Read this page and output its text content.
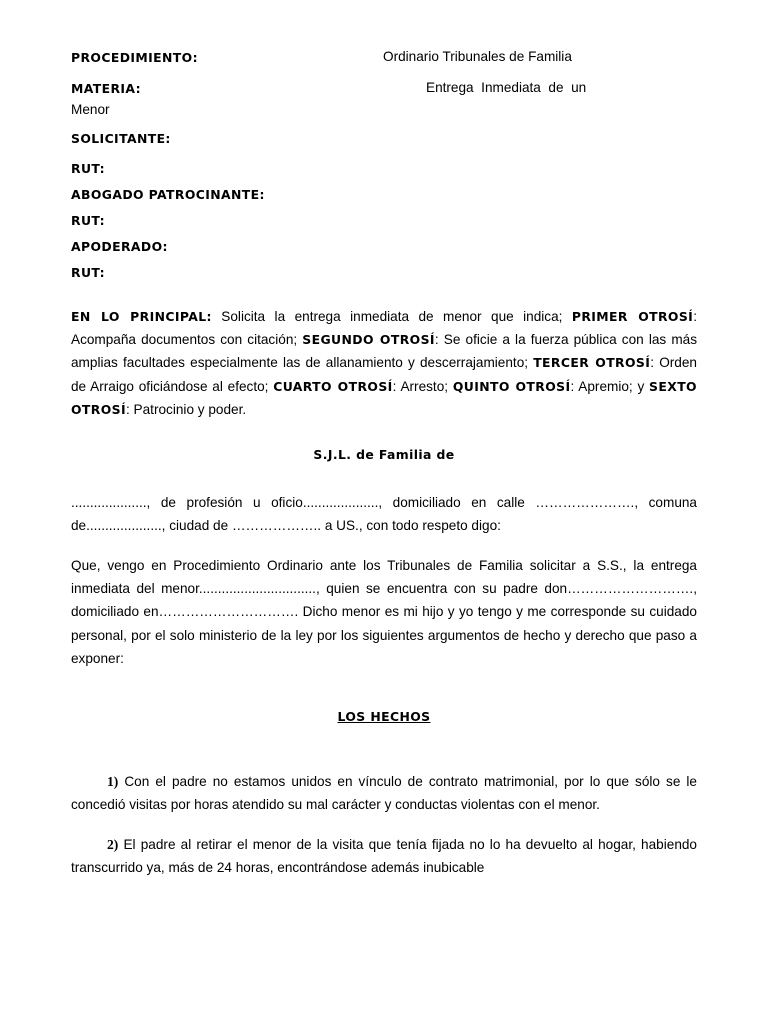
PROCEDIMIENTO:	Ordinario Tribunales de Familia
MATERIA:	Entrega  Inmediata  de  un
Menor
SOLICITANTE:
RUT:
ABOGADO PATROCINANTE:
RUT:
APODERADO:
RUT:
EN LO PRINCIPAL: Solicita la entrega inmediata de menor que indica; PRIMER OTROSÍ: Acompaña documentos con citación; SEGUNDO OTROSÍ: Se oficie a la fuerza pública con las más amplias facultades especialmente las de allanamiento y descerrajamiento; TERCER OTROSÍ: Orden de Arraigo oficiándose al efecto; CUARTO OTROSÍ: Arresto; QUINTO OTROSÍ: Apremio; y SEXTO OTROSÍ: Patrocinio y poder.
S.J.L. de Familia de
...................., de profesión u oficio...................., domiciliado en calle …………………., comuna de...................., ciudad de ……………….. a US., con todo respeto digo:
Que, vengo en Procedimiento Ordinario ante los Tribunales de Familia solicitar a S.S., la entrega inmediata del menor..............................., quien se encuentra con su padre don………………………., domiciliado en…………………………. Dicho menor es mi hijo y yo tengo y me corresponde su cuidado personal, por el solo ministerio de la ley por los siguientes argumentos de hecho y derecho que paso a exponer:
LOS HECHOS
1) Con el padre no estamos unidos en vínculo de contrato matrimonial, por lo que sólo se le concedió visitas por horas atendido su mal carácter y conductas violentas con el menor.
2) El padre al retirar el menor de la visita que tenía fijada no lo ha devuelto al hogar, habiendo transcurrido ya, más de 24 horas, encontrándose además inubicable
